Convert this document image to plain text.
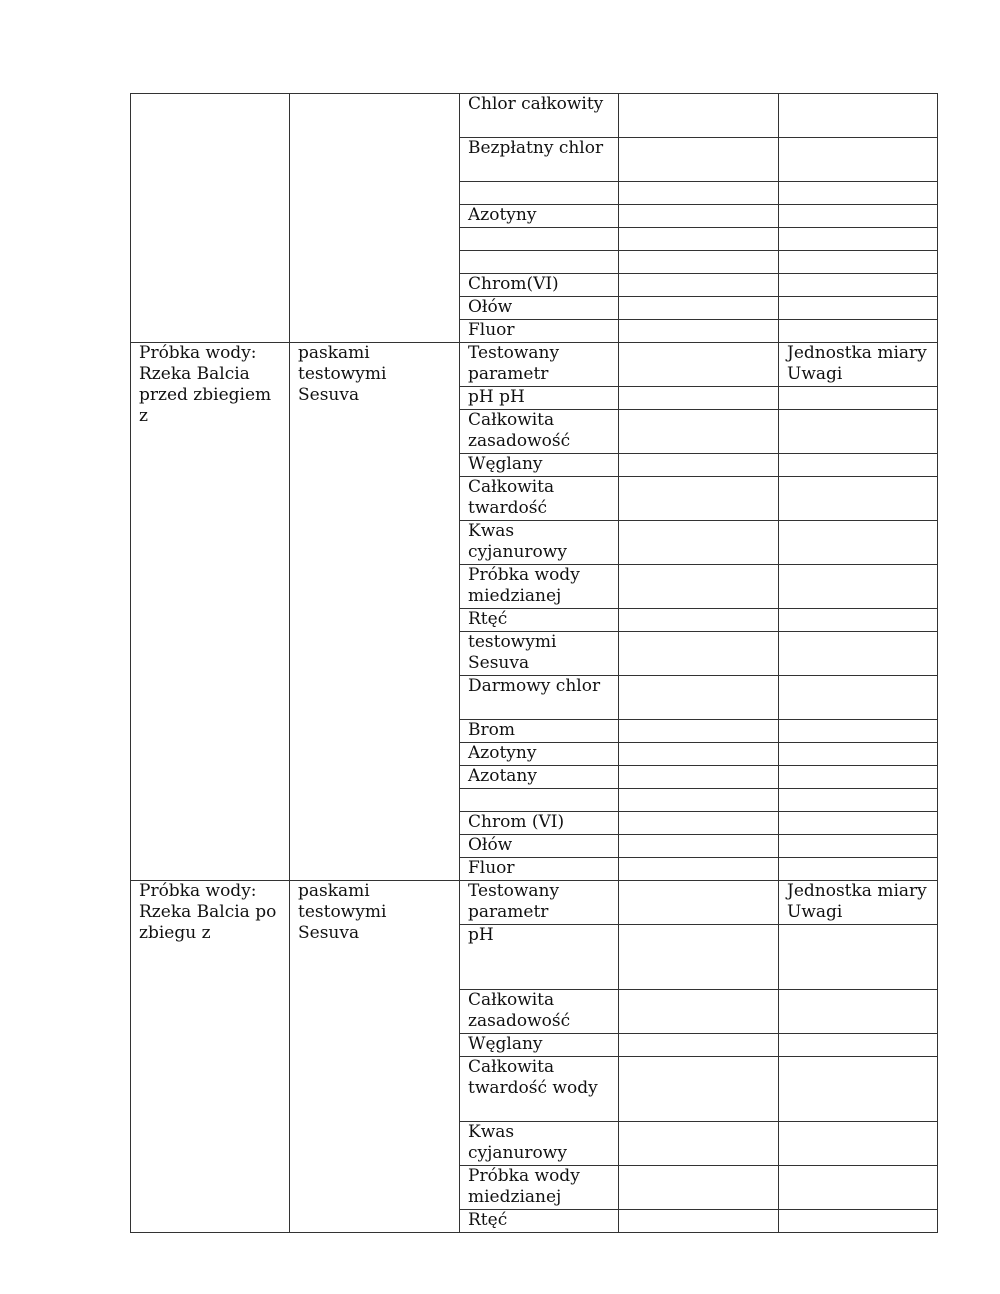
		Chlor całkowity		
		Bezpłatny chlor		

		Azotyny		

		Chrom(VI)		
		Ołów		
		Fluor		
Próbka wody: Rzeka Balcia przed zbiegiem z	paskami testowymi Sesuva	Testowany parametr		Jednostka miary Uwagi
		pH pH		
		Całkowita zasadowość		
		Węglany		
		Całkowita twardość		
		Kwas cyjanurowy		
		Próbka wody miedzianej		
		Rtęć		
		testowymi Sesuva		
		Darmowy chlor		
		Brom		
		Azotyny		
		Azotany		

		Chrom (VI)		
		Ołów		
		Fluor		
Próbka wody: Rzeka Balcia po zbiegu z	paskami testowymi Sesuva	Testowany parametr		Jednostka miary Uwagi
		pH		
		Całkowita zasadowość		
		Węglany		
		Całkowita twardość wody		
		Kwas cyjanurowy		
		Próbka wody miedzianej		
		Rtęć		
